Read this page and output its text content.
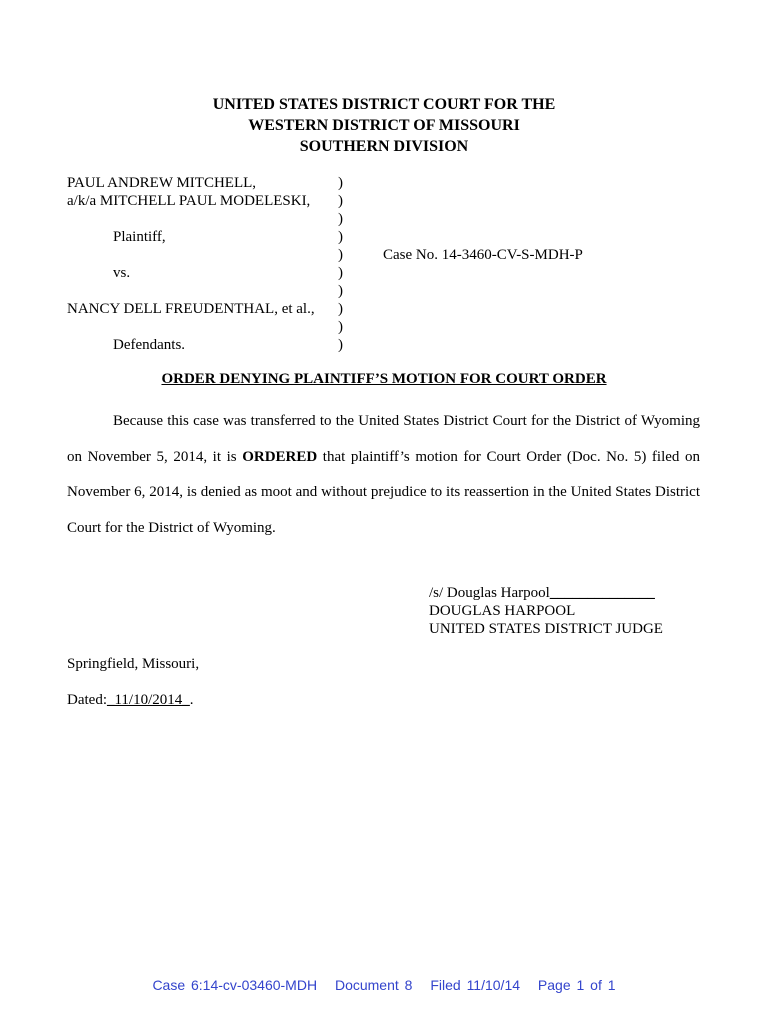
UNITED STATES DISTRICT COURT FOR THE
WESTERN DISTRICT OF MISSOURI
SOUTHERN DIVISION
PAUL ANDREW MITCHELL,
a/k/a MITCHELL PAUL MODELESKI,
Plaintiff,
vs.
NANCY DELL FREUDENTHAL, et al.,
Defendants.
)
)
)
)
)
)
)
)
)
)
Case No. 14-3460-CV-S-MDH-P
ORDER DENYING PLAINTIFF’S MOTION FOR COURT ORDER

Because this case was transferred to the United States District Court for the District of Wyoming on November 5, 2014, it is ORDERED that plaintiff’s motion for Court Order (Doc. No. 5) filed on November 6, 2014, is denied as moot and without prejudice to its reassertion in the United States District Court for the District of Wyoming.

/s/ Douglas Harpool______________
DOUGLAS HARPOOL
UNITED STATES DISTRICT JUDGE
Springfield, Missouri,
Dated:_11/10/2014_.
Case 6:14-cv-03460-MDH Document 8 Filed 11/10/14 Page 1 of 1
